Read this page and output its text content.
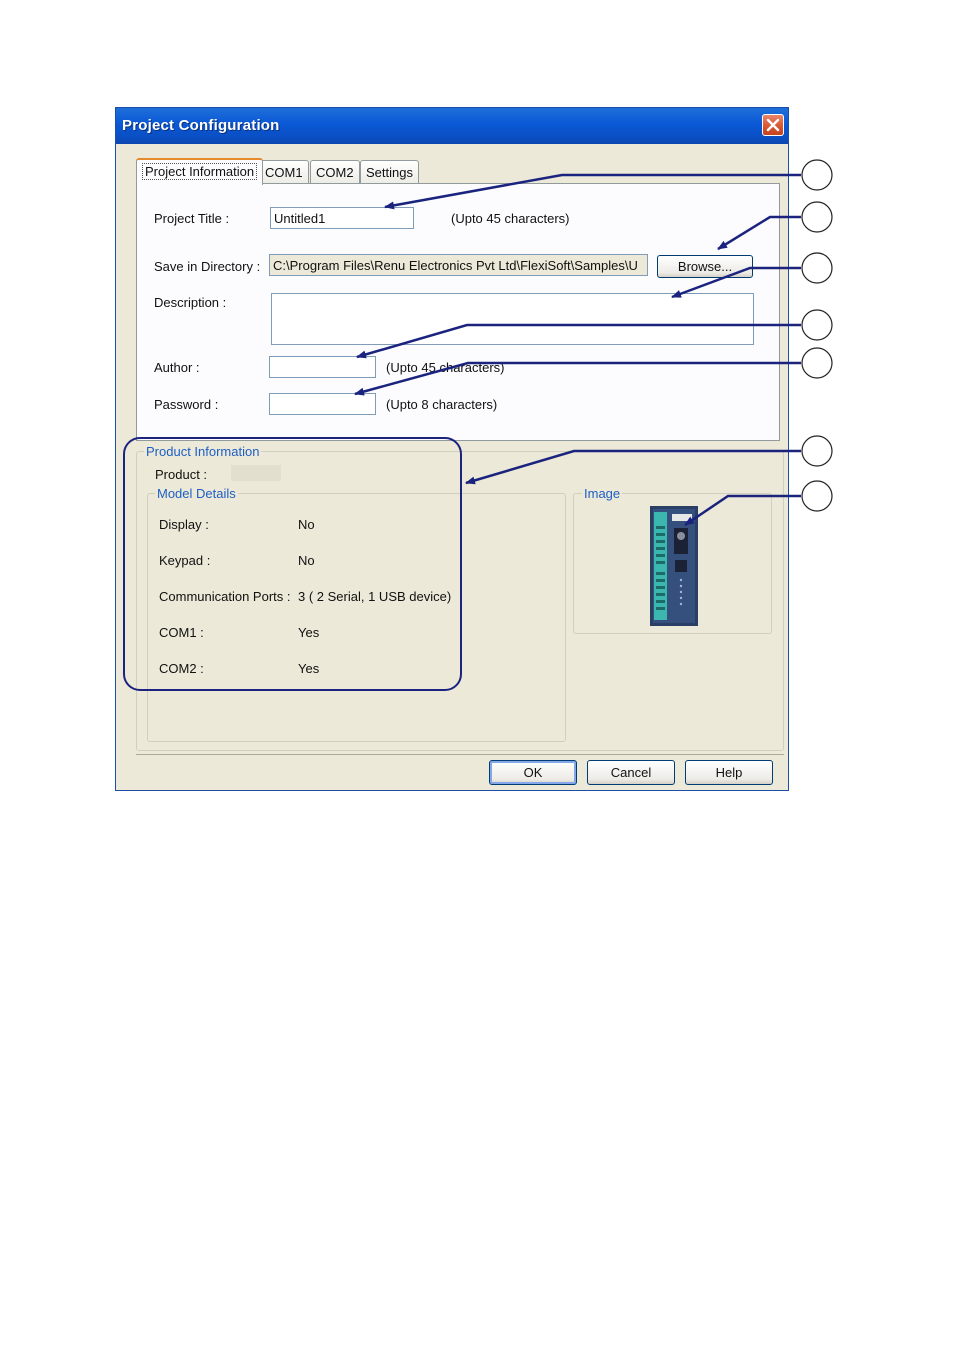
Project Configuration
Project Information COM1	COM2 Settings
Project Title :	Untitled1	(Upto 45 characters)
Save in Directory : C:\Program Files\Renu Electronics Pvt Ltd\FlexiSoft\Samples\U	Browse...
Description :
Author :	(Upto 45 characters)
Password :	(Upto 8 characters)
Product Information
Product :
Model Details
Display :	No
Keypad :	No
Communication Ports : 3 ( 2 Serial, 1 USB device)
COM1 :	Yes
COM2 :	Yes
Image
OK	Cancel	Help
